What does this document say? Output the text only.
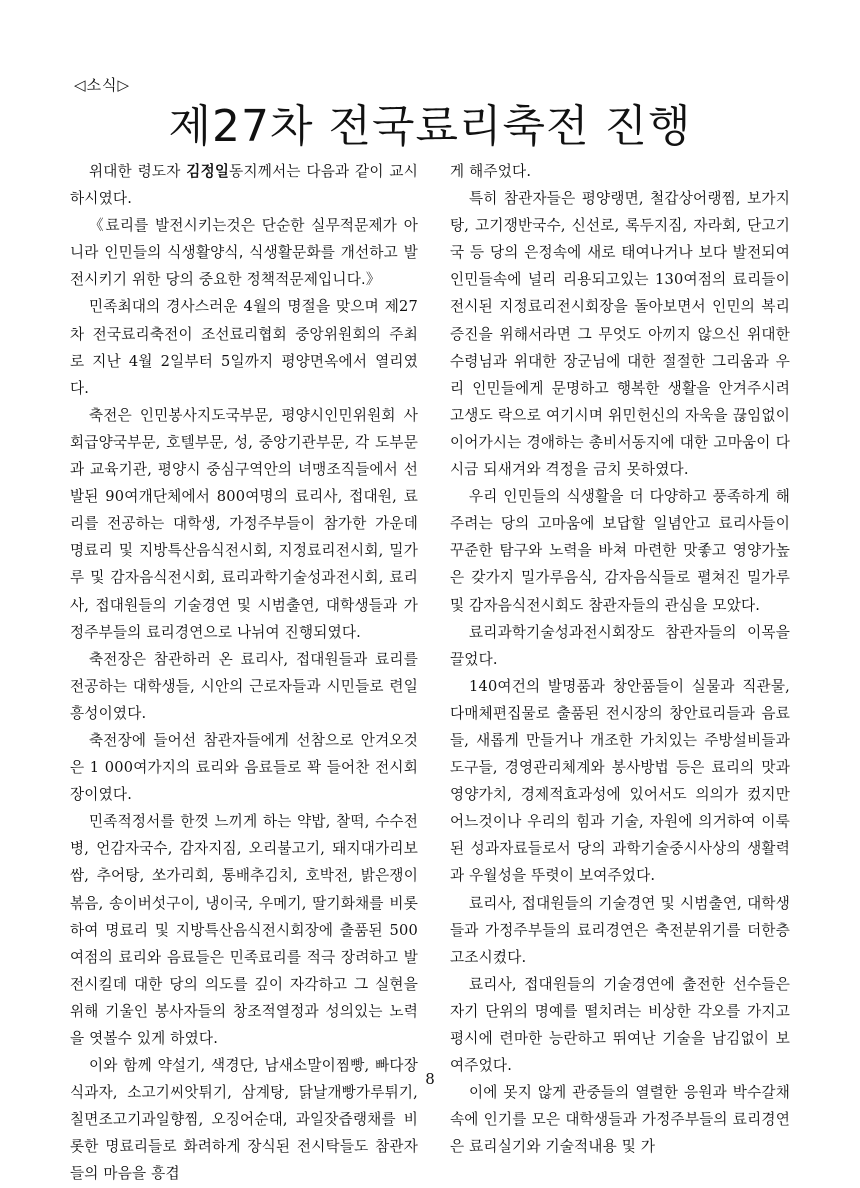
◁소식▷
제27차 전국료리축전 진행

위대한 령도자 김정일동지께서는 다음과 같이 교시하시였다.

《료리를 발전시키는것은 단순한 실무적문제가 아니라 인민들의 식생활양식, 식생활문화를 개선하고 발전시키기 위한 당의 중요한 정책적문제입니다.》

민족최대의 경사스러운 4월의 명절을 맞으며 제27차 전국료리축전이 조선료리협회 중앙위원회의 주최로 지난 4월 2일부터 5일까지 평양면옥에서 열리였다.

축전은 인민봉사지도국부문, 평양시인민위원회 사회급양국부문, 호텔부문, 성, 중앙기관부문, 각 도부문과 교육기관, 평양시 중심구역안의 녀맹조직들에서 선발된 90여개단체에서 800여명의 료리사, 접대원, 료리를 전공하는 대학생, 가정주부들이 참가한 가운데 명료리 및 지방특산음식전시회, 지정료리전시회, 밀가루 및 감자음식전시회, 료리과학기술성과전시회, 료리사, 접대원들의 기술경연 및 시범출연, 대학생들과 가정주부들의 료리경연으로 나뉘여 진행되였다.

축전장은 참관하러 온 료리사, 접대원들과 료리를 전공하는 대학생들, 시안의 근로자들과 시민들로 련일 흥성이였다.

축전장에 들어선 참관자들에게 선참으로 안겨오것은 1 000여가지의 료리와 음료들로 꽉 들어찬 전시회장이였다.

민족적정서를 한껏 느끼게 하는 약밥, 찰떡, 수수전병, 언감자국수, 감자지짐, 오리불고기, 돼지대가리보쌈, 추어탕, 쏘가리회, 통배추김치, 호박전, 밝은쟁이볶음, 송이버섯구이, 냉이국, 우메기, 딸기화채를 비롯하여 명료리 및 지방특산음식전시회장에 출품된 500여점의 료리와 음료들은 민족료리를 적극 장려하고 발전시킬데 대한 당의 의도를 깊이 자각하고 그 실현을 위해 기울인 봉사자들의 창조적열정과 성의있는 노력을 엿볼수 있게 하였다.

이와 함께 약설기, 색경단, 남새소말이찜빵, 빠다장식과자, 소고기씨앗튀기, 삼계탕, 닭날개빵가루튀기, 칠면조고기과일향찜, 오징어순대, 과일잣즙랭채를 비롯한 명료리들로 화려하게 장식된 전시탁들도 참관자들의 마음을 흥겹

게 해주었다.

특히 참관자들은 평양랭면, 철갑상어랭찜, 보가지탕, 고기쟁반국수, 신선로, 록두지짐, 자라회, 단고기국 등 당의 은정속에 새로 태여나거나 보다 발전되여 인민들속에 널리 리용되고있는 130여점의 료리들이 전시된 지정료리전시회장을 돌아보면서 인민의 복리증진을 위해서라면 그 무엇도 아끼지 않으신 위대한 수령님과 위대한 장군님에 대한 절절한 그리움과 우리 인민들에게 문명하고 행복한 생활을 안겨주시려 고생도 락으로 여기시며 위민헌신의 자욱을 끊임없이 이어가시는 경애하는 총비서동지에 대한 고마움이 다시금 되새겨와 격정을 금치 못하였다.

우리 인민들의 식생활을 더 다양하고 풍족하게 해주려는 당의 고마움에 보답할 일념안고 료리사들이 꾸준한 탐구와 노력을 바쳐 마련한 맛좋고 영양가높은 갖가지 밀가루음식, 감자음식들로 펼쳐진 밀가루 및 감자음식전시회도 참관자들의 관심을 모았다.

료리과학기술성과전시회장도 참관자들의 이목을 끌었다.

140여건의 발명품과 창안품들이 실물과 직관물, 다매체편집물로 출품된 전시장의 창안료리들과 음료들, 새롭게 만들거나 개조한 가치있는 주방설비들과 도구들, 경영관리체계와 봉사방법 등은 료리의 맛과 영양가치, 경제적효과성에 있어서도 의의가 컸지만 어느것이나 우리의 힘과 기술, 자원에 의거하여 이룩된 성과자료들로서 당의 과학기술중시사상의 생활력과 우월성을 뚜렷이 보여주었다.

료리사, 접대원들의 기술경연 및 시범출연, 대학생들과 가정주부들의 료리경연은 축전분위기를 더한층 고조시켰다.

료리사, 접대원들의 기술경연에 출전한 선수들은 자기 단위의 명예를 떨치려는 비상한 각오를 가지고 평시에 련마한 능란하고 뛰여난 기술을 남김없이 보여주었다.

이에 못지 않게 관중들의 열렬한 응원과 박수갈채속에 인기를 모은 대학생들과 가정주부들의 료리경연은 료리실기와 기술적내용 및 가

8
